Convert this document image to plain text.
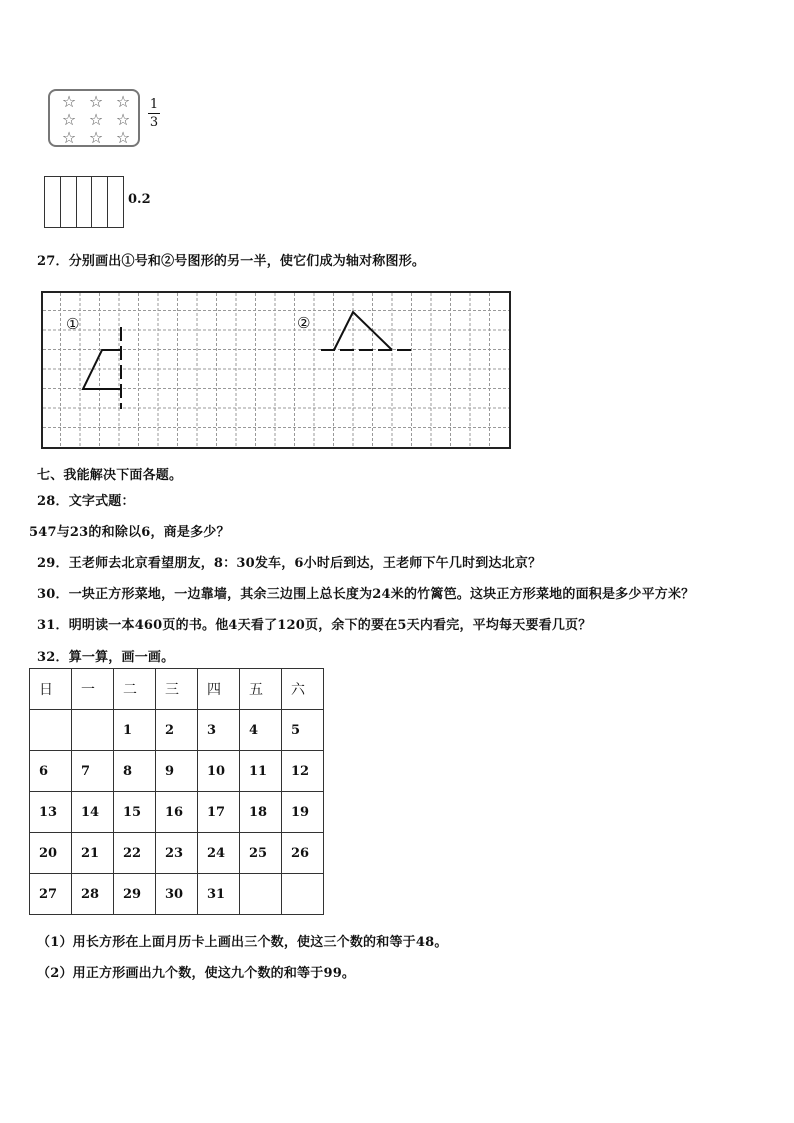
☆ ☆ ☆
☆ ☆ ☆
☆ ☆ ☆
1
3
0.2
27．分别画出①号和②号图形的另一半，使它们成为轴对称图形。
①	②
七、我能解决下面各题。
28．文字式题：
547与23的和除以6，商是多少？
29．王老师去北京看望朋友，8：30发车，6小时后到达，王老师下午几时到达北京？
30．一块正方形菜地，一边靠墙，其余三边围上总长度为24米的竹篱笆。这块正方形菜地的面积是多少平方米？
31．明明读一本460页的书。他4天看了120页，余下的要在5天内看完，平均每天要看几页？
32．算一算，画一画。
日	一	二	三	四	五	六
		1	2	3	4	5
6	7	8	9	10	11	12
13	14	15	16	17	18	19
20	21	22	23	24	25	26
27	28	29	30	31		
（1）用长方形在上面月历卡上画出三个数，使这三个数的和等于48。
（2）用正方形画出九个数，使这九个数的和等于99。
